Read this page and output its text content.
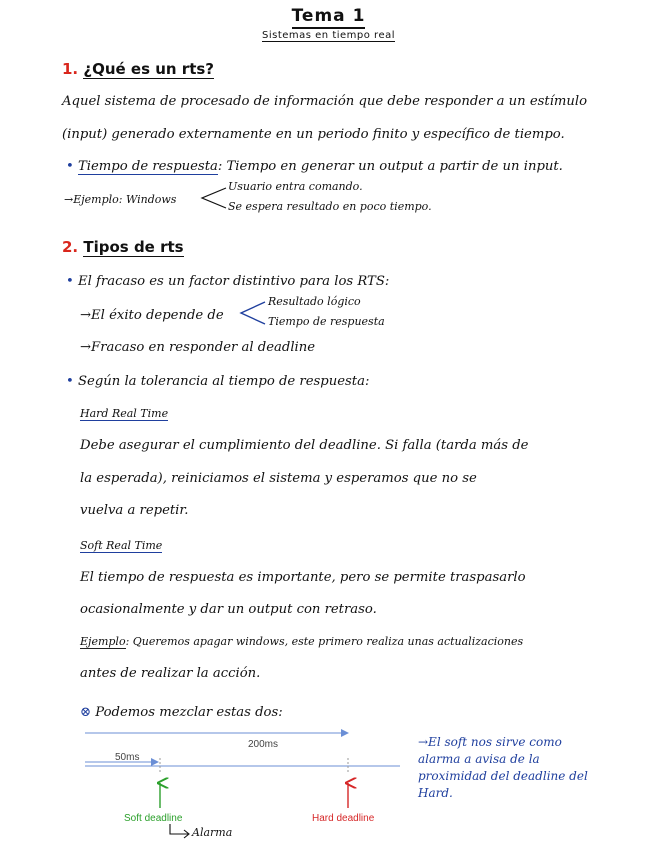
Tema 1
Sistemas en tiempo real
1. ¿Qué es un rts?
Aquel sistema de procesado de información que debe responder a un estímulo
(input) generado externamente en un periodo finito y específico de tiempo.
• Tiempo de respuesta: Tiempo en generar un output a partir de un input.
→Ejemplo: Windows
Usuario entra comando.
Se espera resultado en poco tiempo.
2. Tipos de rts
• El fracaso es un factor distintivo para los RTS:
→El éxito depende de
Resultado lógico
Tiempo de respuesta
→Fracaso en responder al deadline
• Según la tolerancia al tiempo de respuesta:
Hard Real Time
Debe asegurar el cumplimiento del deadline. Si falla (tarda más de
la esperada), reiniciamos el sistema y esperamos que no se
vuelva a repetir.
Soft Real Time
El tiempo de respuesta es importante, pero se permite traspasarlo
ocasionalmente y dar un output con retraso.
Ejemplo: Queremos apagar windows, este primero realiza unas actualizaciones
antes de realizar la acción.
⊗ Podemos mezclar estas dos:
200ms
50ms
Soft deadline	Hard deadline
Alarma
→El soft nos sirve como alarma a avisa de la proximidad del deadline del Hard.
